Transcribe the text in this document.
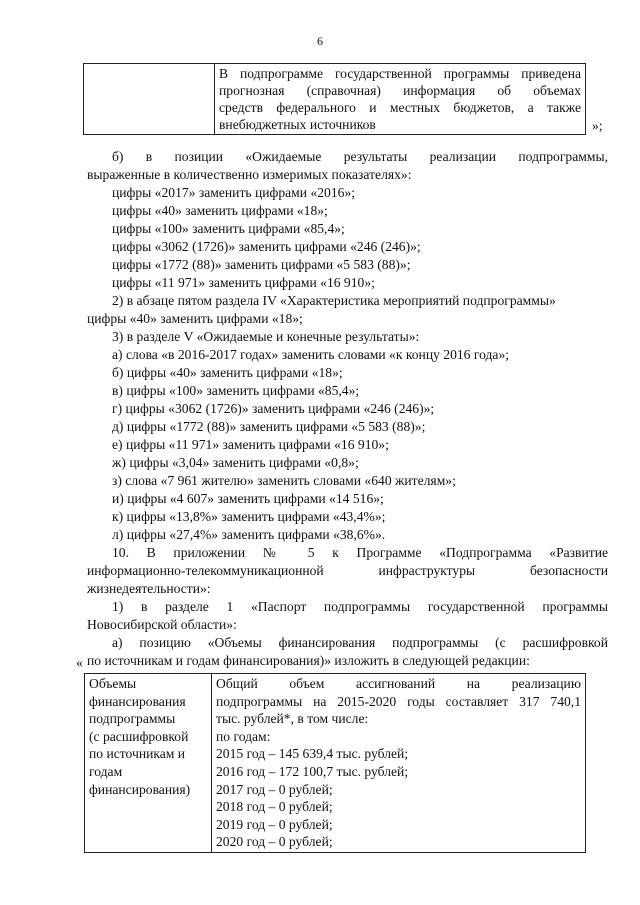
6

В подпрограмме государственной программы приведена
прогнозная (справочная) информация об объемах
средств федерального и местных бюджетов, а также
внебюджетных источников	»;
б) в позиции «Ожидаемые результаты реализации подпрограммы,
выраженные в количественно измеримых показателях»:
цифры «2017» заменить цифрами «2016»;
цифры «40» заменить цифрами «18»;
цифры «100» заменить цифрами «85,4»;
цифры «3062 (1726)» заменить цифрами «246 (246)»;
цифры «1772 (88)» заменить цифрами «5 583 (88)»;
цифры «11 971» заменить цифрами «16 910»;
2) в абзаце пятом раздела IV «Характеристика мероприятий подпрограммы»
цифры «40» заменить цифрами «18»;
3) в разделе V «Ожидаемые и конечные результаты»:
а) слова «в 2016-2017 годах» заменить словами «к концу 2016 года»;
б) цифры «40» заменить цифрами «18»;
в) цифры «100» заменить цифрами «85,4»;
г) цифры «3062 (1726)» заменить цифрами «246 (246)»;
д) цифры «1772 (88)» заменить цифрами «5 583 (88)»;
е) цифры «11 971» заменить цифрами «16 910»;
ж) цифры «3,04» заменить цифрами «0,8»;
з) слова «7 961 жителю» заменить словами «640 жителям»;
и) цифры «4 607» заменить цифрами «14 516»;
к) цифры «13,8%» заменить цифрами «43,4%»;
л) цифры «27,4%» заменить цифрами «38,6%».
10. В приложении № 5 к Программе «Подпрограмма «Развитие
информационно-телекоммуникационной инфраструктуры безопасности
жизнедеятельности»:
1) в разделе 1 «Паспорт подпрограммы государственной программы
Новосибирской области»:
а) позицию «Объемы финансирования подпрограммы (с расшифровкой
по источникам и годам финансирования)» изложить в следующей редакции:
«
Объемы
финансирования
подпрограммы
(с расшифровкой
по источникам и
годам
финансирования)

Общий объем ассигнований на реализацию
подпрограммы на 2015-2020 годы составляет 317 740,1
тыс. рублей*, в том числе:
по годам:
2015 год – 145 639,4 тыс. рублей;
2016 год – 172 100,7 тыс. рублей;
2017 год – 0 рублей;
2018 год – 0 рублей;
2019 год – 0 рублей;
2020 год – 0 рублей;
